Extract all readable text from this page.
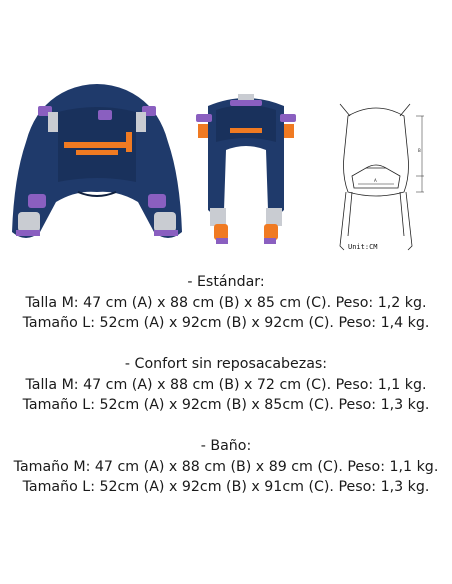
B
A
Unit:CM
- Estándar:
Talla M: 47 cm (A) x 88 cm (B) x 85 cm (C). Peso: 1,2 kg.
Tamaño L: 52cm (A) x 92cm (B) x 92cm (C). Peso: 1,4 kg.
- Confort sin reposacabezas:
Talla M: 47 cm (A) x 88 cm (B) x 72 cm (C). Peso: 1,1 kg.
Tamaño L: 52cm (A) x 92cm (B) x 85cm (C). Peso: 1,3 kg.
- Baño:
Tamaño M: 47 cm (A) x 88 cm (B) x 89 cm (C). Peso: 1,1 kg.
Tamaño L: 52cm (A) x 92cm (B) x 91cm (C). Peso: 1,3 kg.
